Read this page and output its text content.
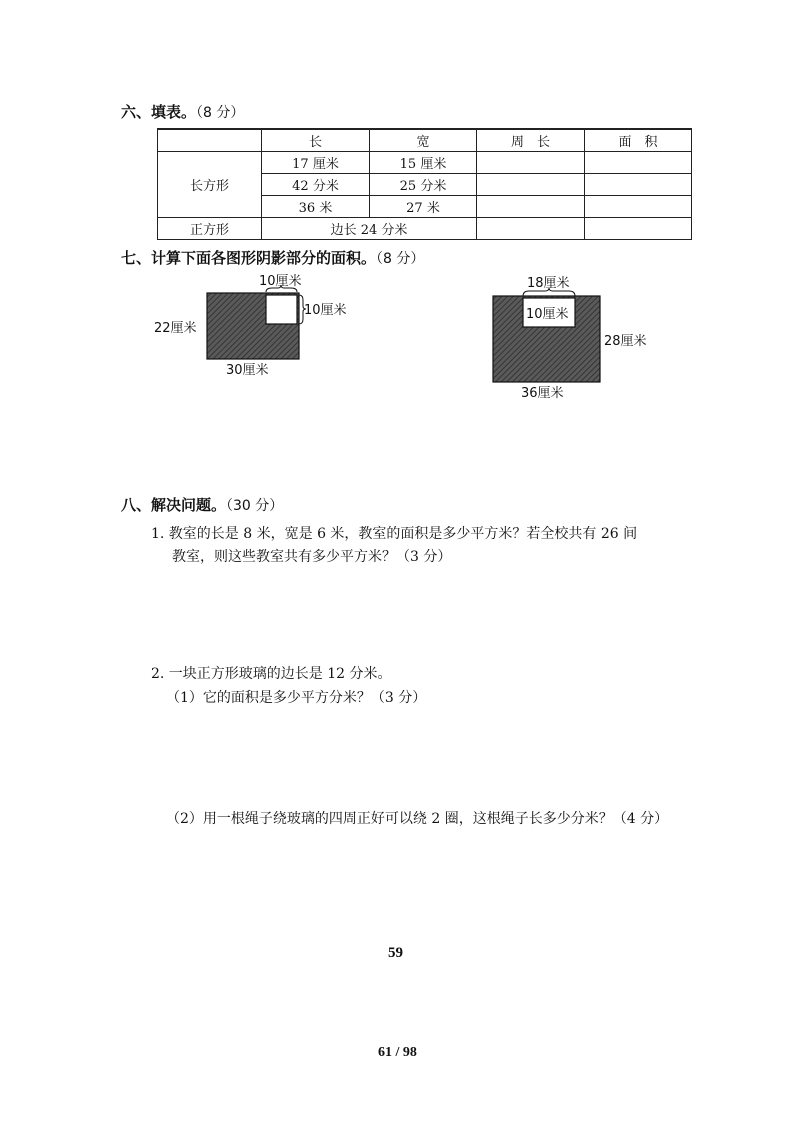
六、填表。（8 分）
	长	宽	周　长	面　积
长方形	17 厘米	15 厘米		
	42 分米	25 分米		
	36 米	27 米		
正方形	边长 24 分米			
七、计算下面各图形阴影部分的面积。（8 分）
10厘米
10厘米
22厘米
30厘米
18厘米
10厘米
28厘米
36厘米
八、解决问题。（30 分）
1. 教室的长是 8 米，宽是 6 米，教室的面积是多少平方米？若全校共有 26 间
教室，则这些教室共有多少平方米？（3 分）
2. 一块正方形玻璃的边长是 12 分米。
（1）它的面积是多少平方分米？（3 分）
（2）用一根绳子绕玻璃的四周正好可以绕 2 圈，这根绳子长多少分米？（4 分）
59
61 / 98
